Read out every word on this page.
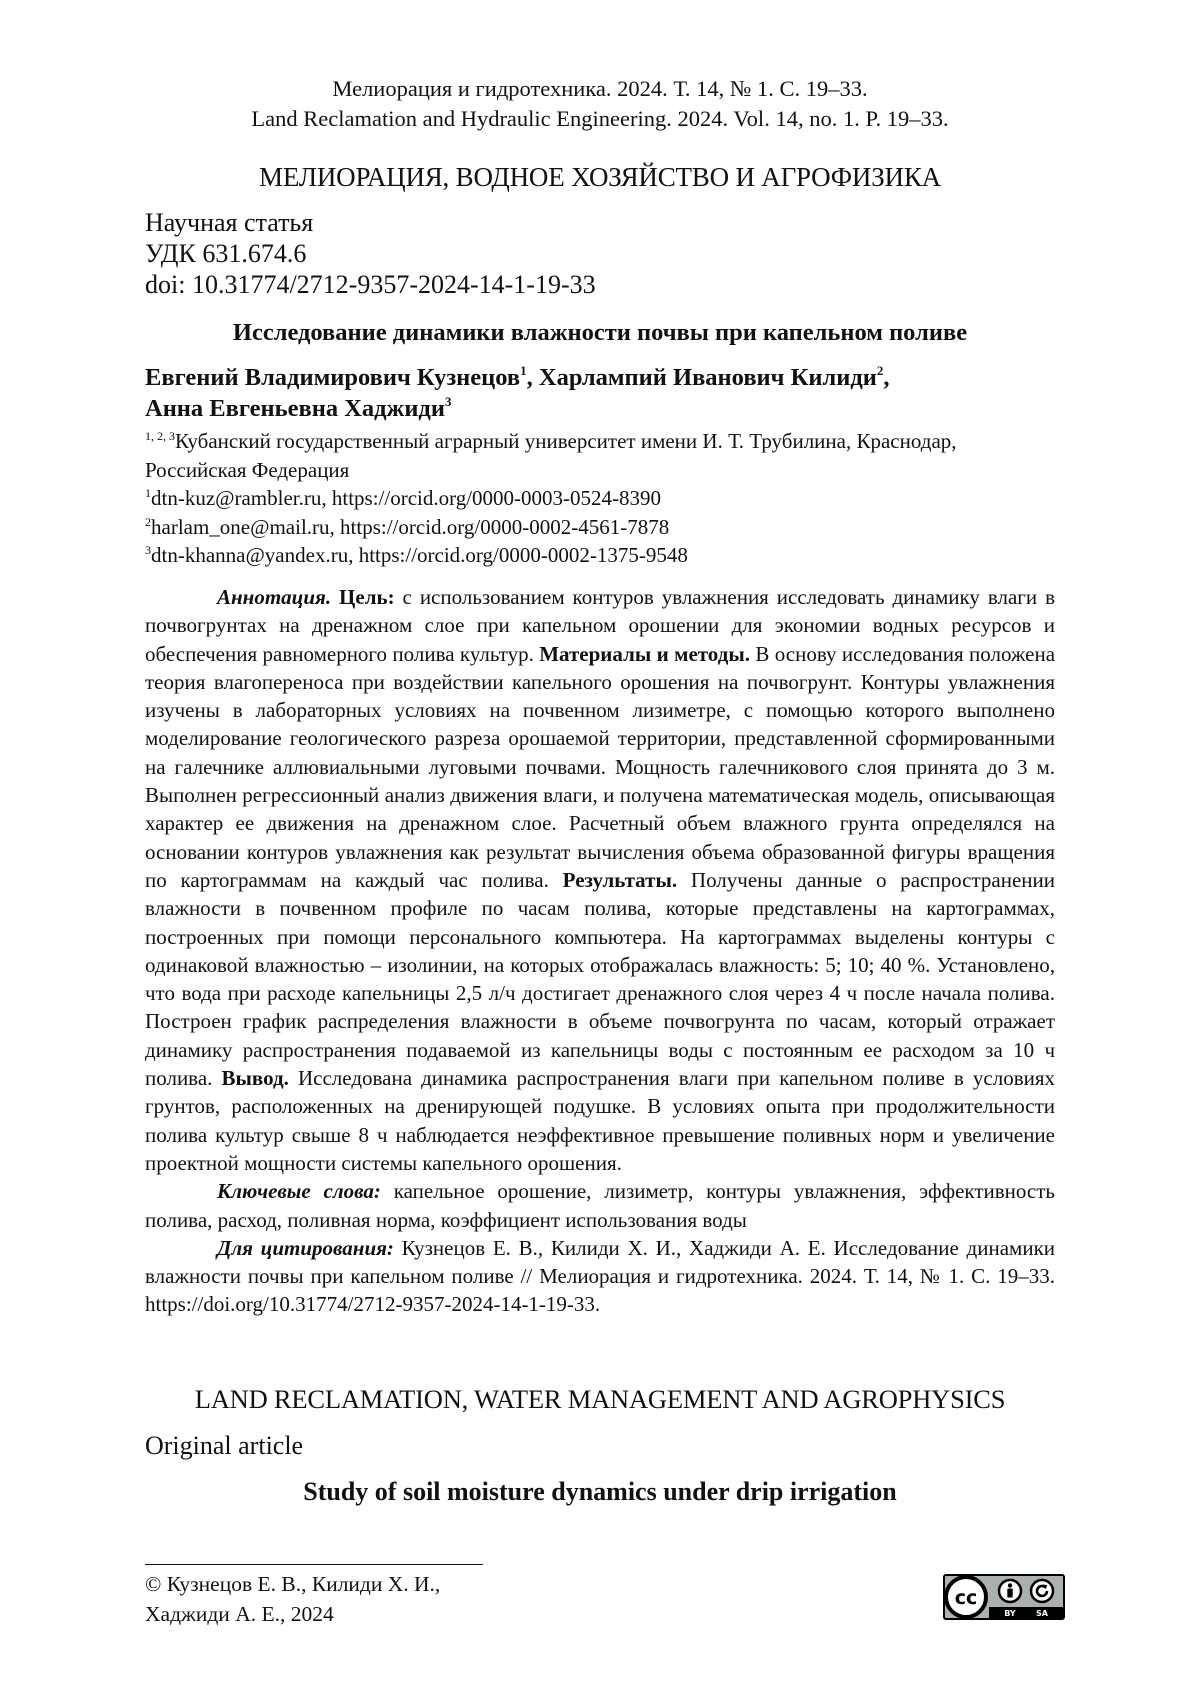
Мелиорация и гидротехника. 2024. Т. 14, № 1. С. 19–33.
Land Reclamation and Hydraulic Engineering. 2024. Vol. 14, no. 1. P. 19–33.
МЕЛИОРАЦИЯ, ВОДНОЕ ХОЗЯЙСТВО И АГРОФИЗИКА
Научная статья
УДК 631.674.6
doi: 10.31774/2712-9357-2024-14-1-19-33
Исследование динамики влажности почвы при капельном поливе
Евгений Владимирович Кузнецов1, Харлампий Иванович Килиди2,
Анна Евгеньевна Хаджиди3
1, 2, 3Кубанский государственный аграрный университет имени И. Т. Трубилина, Краснодар, Российская Федерация
1dtn-kuz@rambler.ru, https://orcid.org/0000-0003-0524-8390
2harlam_one@mail.ru, https://orcid.org/0000-0002-4561-7878
3dtn-khanna@yandex.ru, https://orcid.org/0000-0002-1375-9548

Аннотация. Цель: с использованием контуров увлажнения исследовать динамику влаги в почвогрунтах на дренажном слое при капельном орошении для экономии водных ресурсов и обеспечения равномерного полива культур. Материалы и методы. В основу исследования положена теория влагопереноса при воздействии капельного орошения на почвогрунт. Контуры увлажнения изучены в лабораторных условиях на почвенном лизиметре, с помощью которого выполнено моделирование геологического разреза орошаемой территории, представленной сформированными на галечнике аллювиальными луговыми почвами. Мощность галечникового слоя принята до 3 м. Выполнен регрессионный анализ движения влаги, и получена математическая модель, описывающая характер ее движения на дренажном слое. Расчетный объем влажного грунта определялся на основании контуров увлажнения как результат вычисления объема образованной фигуры вращения по картограммам на каждый час полива. Результаты. Получены данные о распространении влажности в почвенном профиле по часам полива, которые представлены на картограммах, построенных при помощи персонального компьютера. На картограммах выделены контуры с одинаковой влажностью – изолинии, на которых отображалась влажность: 5; 10; 40 %. Установлено, что вода при расходе капельницы 2,5 л/ч достигает дренажного слоя через 4 ч после начала полива. Построен график распределения влажности в объеме почвогрунта по часам, который отражает динамику распространения подаваемой из капельницы воды с постоянным ее расходом за 10 ч полива. Вывод. Исследована динамика распространения влаги при капельном поливе в условиях грунтов, расположенных на дренирующей подушке. В условиях опыта при продолжительности полива культур свыше 8 ч наблюдается неэффективное превышение поливных норм и увеличение проектной мощности системы капельного орошения.

Ключевые слова: капельное орошение, лизиметр, контуры увлажнения, эффективность полива, расход, поливная норма, коэффициент использования воды

Для цитирования: Кузнецов Е. В., Килиди Х. И., Хаджиди А. Е. Исследование динамики влажности почвы при капельном поливе // Мелиорация и гидротехника. 2024. Т. 14, № 1. С. 19–33. https://doi.org/10.31774/2712-9357-2024-14-1-19-33.

LAND RECLAMATION, WATER MANAGEMENT AND AGROPHYSICS
Original article
Study of soil moisture dynamics under drip irrigation
© Кузнецов Е. В., Килиди Х. И.,
Хаджиди А. Е., 2024
cc
BY	SA
